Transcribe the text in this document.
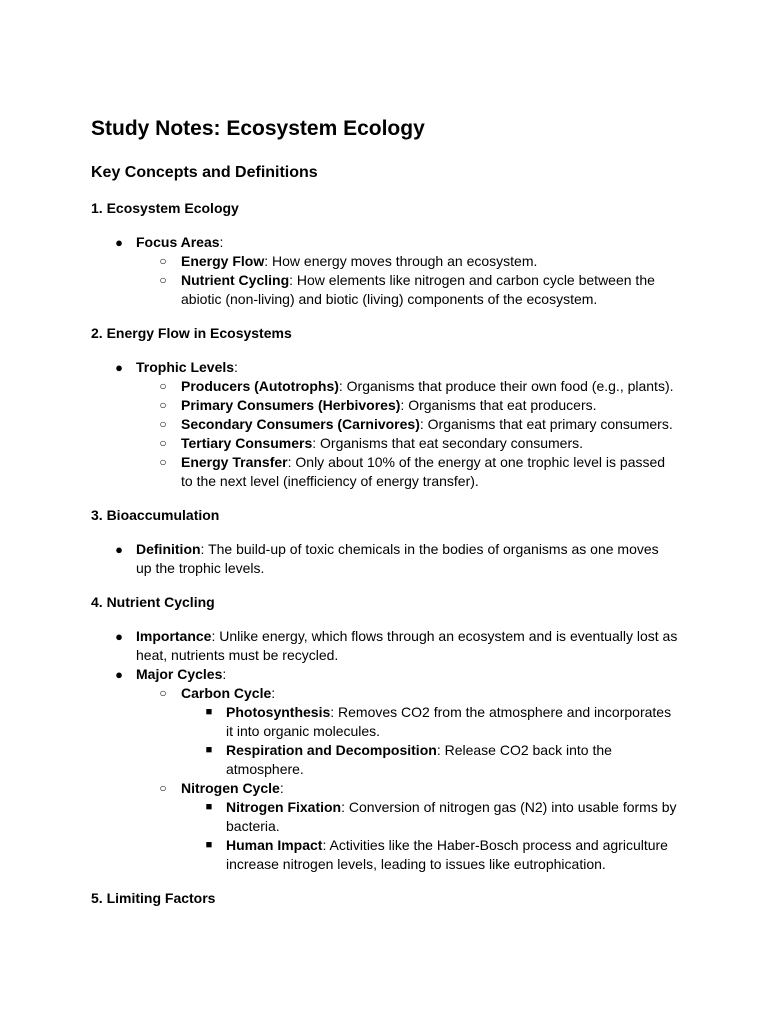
Study Notes: Ecosystem Ecology
Key Concepts and Definitions
1. Ecosystem Ecology
● Focus Areas:
○ Energy Flow: How energy moves through an ecosystem.
○ Nutrient Cycling: How elements like nitrogen and carbon cycle between the abiotic (non-living) and biotic (living) components of the ecosystem.
2. Energy Flow in Ecosystems
● Trophic Levels:
○ Producers (Autotrophs): Organisms that produce their own food (e.g., plants).
○ Primary Consumers (Herbivores): Organisms that eat producers.
○ Secondary Consumers (Carnivores): Organisms that eat primary consumers.
○ Tertiary Consumers: Organisms that eat secondary consumers.
○ Energy Transfer: Only about 10% of the energy at one trophic level is passed to the next level (inefficiency of energy transfer).
3. Bioaccumulation
● Definition: The build-up of toxic chemicals in the bodies of organisms as one moves up the trophic levels.
4. Nutrient Cycling
● Importance: Unlike energy, which flows through an ecosystem and is eventually lost as heat, nutrients must be recycled.
● Major Cycles:
○ Carbon Cycle:
■ Photosynthesis: Removes CO2 from the atmosphere and incorporates it into organic molecules.
■ Respiration and Decomposition: Release CO2 back into the atmosphere.
○ Nitrogen Cycle:
■ Nitrogen Fixation: Conversion of nitrogen gas (N2) into usable forms by bacteria.
■ Human Impact: Activities like the Haber-Bosch process and agriculture increase nitrogen levels, leading to issues like eutrophication.
5. Limiting Factors
